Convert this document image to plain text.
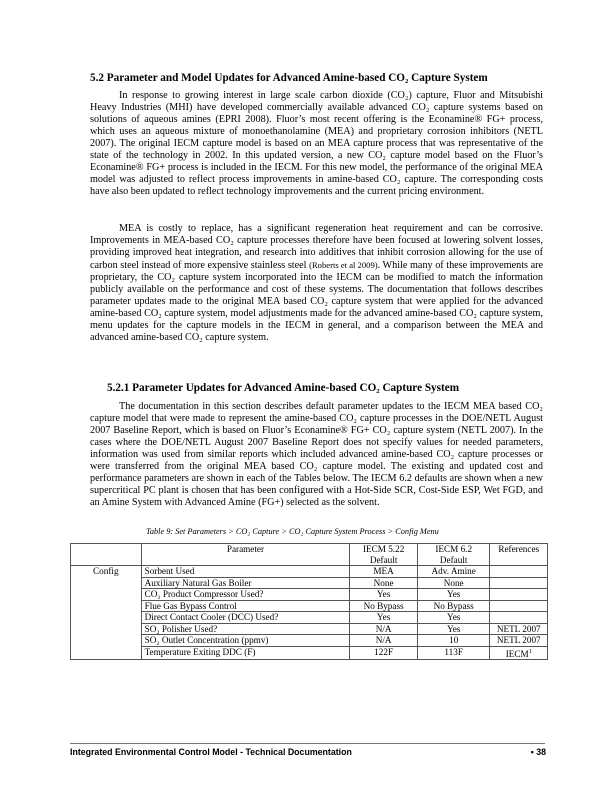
5.2 Parameter and Model Updates for Advanced Amine-based CO₂ Capture System

In response to growing interest in large scale carbon dioxide (CO₂) capture, Fluor and Mitsubishi Heavy Industries (MHI) have developed commercially available advanced CO₂ capture systems based on solutions of aqueous amines (EPRI 2008). Fluor’s most recent offering is the Econamine® FG+ process, which uses an aqueous mixture of monoethanolamine (MEA) and proprietary corrosion inhibitors (NETL 2007). The original IECM capture model is based on an MEA capture process that was representative of the state of the technology in 2002. In this updated version, a new CO₂ capture model based on the Fluor’s Econamine® FG+ process is included in the IECM. For this new model, the performance of the original MEA model was adjusted to reflect process improvements in amine-based CO₂ capture. The corresponding costs have also been updated to reflect technology improvements and the current pricing environment.

MEA is costly to replace, has a significant regeneration heat requirement and can be corrosive. Improvements in MEA-based CO₂ capture processes therefore have been focused at lowering solvent losses, providing improved heat integration, and research into additives that inhibit corrosion allowing for the use of carbon steel instead of more expensive stainless steel (Roberts et al 2009). While many of these improvements are proprietary, the CO₂ capture system incorporated into the IECM can be modified to match the information publicly available on the performance and cost of these systems. The documentation that follows describes parameter updates made to the original MEA based CO₂ capture system that were applied for the advanced amine-based CO₂ capture system, model adjustments made for the advanced amine-based CO₂ capture system, menu updates for the capture models in the IECM in general, and a comparison between the MEA and advanced amine-based CO₂ capture system.

5.2.1 Parameter Updates for Advanced Amine-based CO₂ Capture System

The documentation in this section describes default parameter updates to the IECM MEA based CO₂ capture model that were made to represent the amine-based CO₂ capture processes in the DOE/NETL August 2007 Baseline Report, which is based on Fluor’s Econamine® FG+ CO₂ capture system (NETL 2007). In the cases where the DOE/NETL August 2007 Baseline Report does not specify values for needed parameters, information was used from similar reports which included advanced amine-based CO₂ capture processes or were transferred from the original MEA based CO₂ capture model. The existing and updated cost and performance parameters are shown in each of the Tables below. The IECM 6.2 defaults are shown when a new supercritical PC plant is chosen that has been configured with a Hot-Side SCR, Cost-Side ESP, Wet FGD, and an Amine System with Advanced Amine (FG+) selected as the solvent.

Table 9: Set Parameters > CO₂ Capture > CO₂ Capture System Process > Config Menu
	Parameter	IECM 5.22 Default	IECM 6.2 Default	References
Config	Sorbent Used	MEA	Adv. Amine	
	Auxiliary Natural Gas Boiler	None	None	
	CO₂ Product Compressor Used?	Yes	Yes	
	Flue Gas Bypass Control	No Bypass	No Bypass	
	Direct Contact Cooler (DCC) Used?	Yes	Yes	
	SO₂ Polisher Used?	N/A	Yes	NETL 2007
	SO₂ Outlet Concentration (ppmv)	N/A	10	NETL 2007
	Temperature Exiting DDC (F)	122F	113F	IECM$^1$
Integrated Environmental Control Model - Technical Documentation	• 38
